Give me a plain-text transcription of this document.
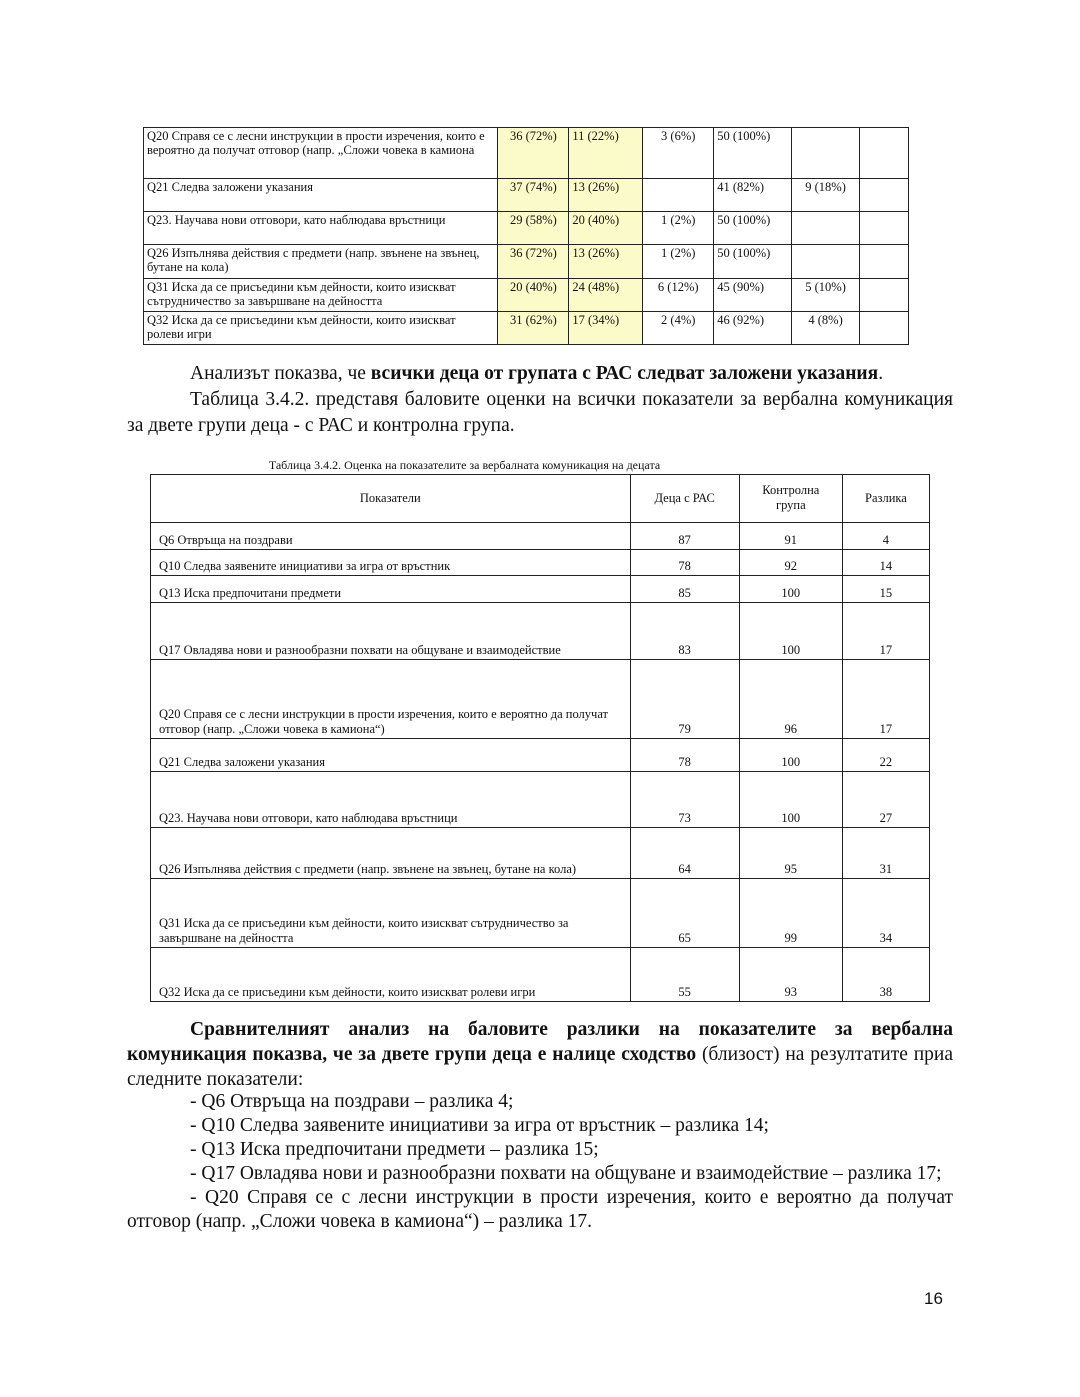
Q20 Справя се с лесни инструкции в прости изречения, които е вероятно да получат отговор (напр. „Сложи човека в камиона	36 (72%)	11 (22%)	3 (6%)	50 (100%)		
Q21 Следва заложени указания	37 (74%)	13 (26%)		41 (82%)	9 (18%)	
Q23. Научава нови отговори, като наблюдава връстници	29 (58%)	20 (40%)	1 (2%)	50 (100%)		
Q26 Изпълнява действия с предмети (напр. звънене на звънец, бутане на кола)	36 (72%)	13 (26%)	1 (2%)	50 (100%)		
Q31 Иска да се присъедини към дейности, които изискват сътрудничество за завършване на дейността	20 (40%)	24 (48%)	6 (12%)	45 (90%)	5 (10%)	
Q32 Иска да се присъедини към дейности, които изискват ролеви игри	31 (62%)	17 (34%)	2 (4%)	46 (92%)	4 (8%)	
Анализът показва, че всички деца от групата с РАС следват заложени указания.
Таблица 3.4.2. представя баловите оценки на всички показатели за вербална комуникация за двете групи деца - с РАС и контролна група.
Таблица 3.4.2. Оценка на показателите за вербалната комуникация на децата
Показатели	Деца с РАС	Контролна група	Разлика
Q6 Отвръща на поздрави	87	91	4
Q10 Следва заявените инициативи за игра от връстник	78	92	14
Q13 Иска предпочитани предмети	85	100	15
Q17 Овладява нови и разнообразни похвати на общуване и взаимодействие	83	100	17
Q20 Справя се с лесни инструкции в прости изречения, които е вероятно да получат отговор (напр. „Сложи човека в камиона“)	79	96	17
Q21 Следва заложени указания	78	100	22
Q23. Научава нови отговори, като наблюдава връстници	73	100	27
Q26 Изпълнява действия с предмети (напр. звънене на звънец, бутане на кола)	64	95	31
Q31 Иска да се присъедини към дейности, които изискват сътрудничество за завършване на дейността	65	99	34
Q32 Иска да се присъедини към дейности, които изискват ролеви игри	55	93	38
Сравнителният анализ на баловите разлики на показателите за вербална комуникация показва, че за двете групи деца е налице сходство (близост) на резултатите приа следните показатели:
- Q6 Отвръща на поздрави – разлика 4;
- Q10 Следва заявените инициативи за игра от връстник – разлика 14;
- Q13 Иска предпочитани предмети – разлика 15;
- Q17 Овладява нови и разнообразни похвати на общуване и взаимодействие – разлика 17;
- Q20 Справя се с лесни инструкции в прости изречения, които е вероятно да получат отговор (напр. „Сложи човека в камиона“) – разлика 17.
16
